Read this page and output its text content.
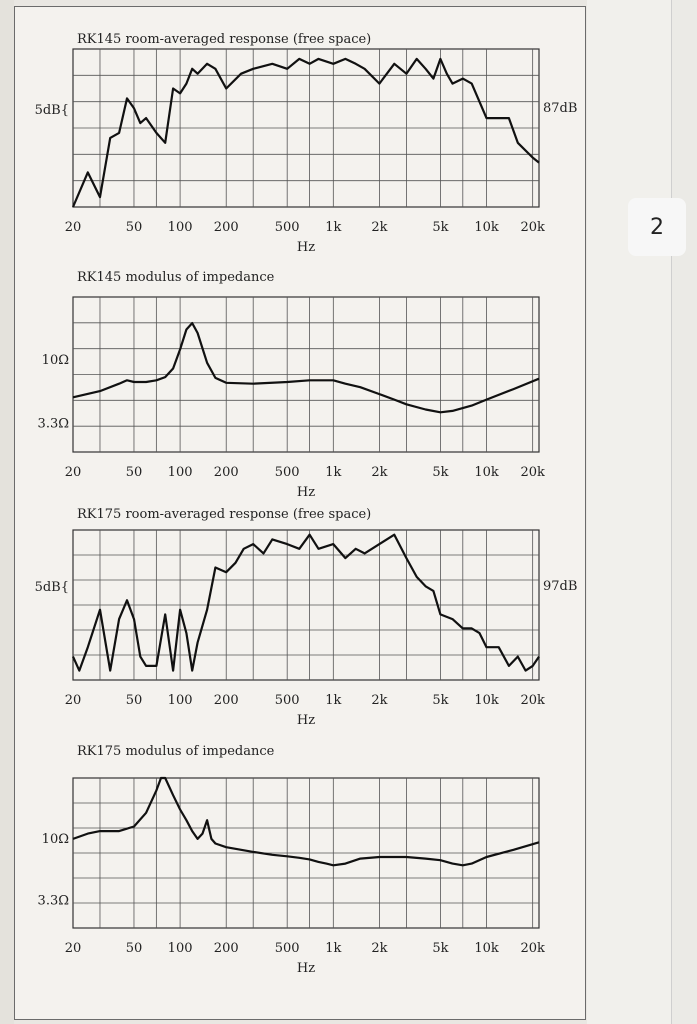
2
RK145 room-averaged response (free space)
20	50 100 200	500 1k 2k	5k 10k 20k
Hz
5dB{	87dB
RK145 modulus of impedance
20	50 100 200	500 1k 2k	5k 10k 20k
Hz
10Ω
3.3Ω
RK175 room-averaged response (free space)
20	50 100 200	500 1k 2k	5k 10k 20k
Hz
5dB{	97dB
RK175 modulus of impedance
20	50 100 200	500 1k 2k	5k 10k 20k
Hz
10Ω
3.3Ω
